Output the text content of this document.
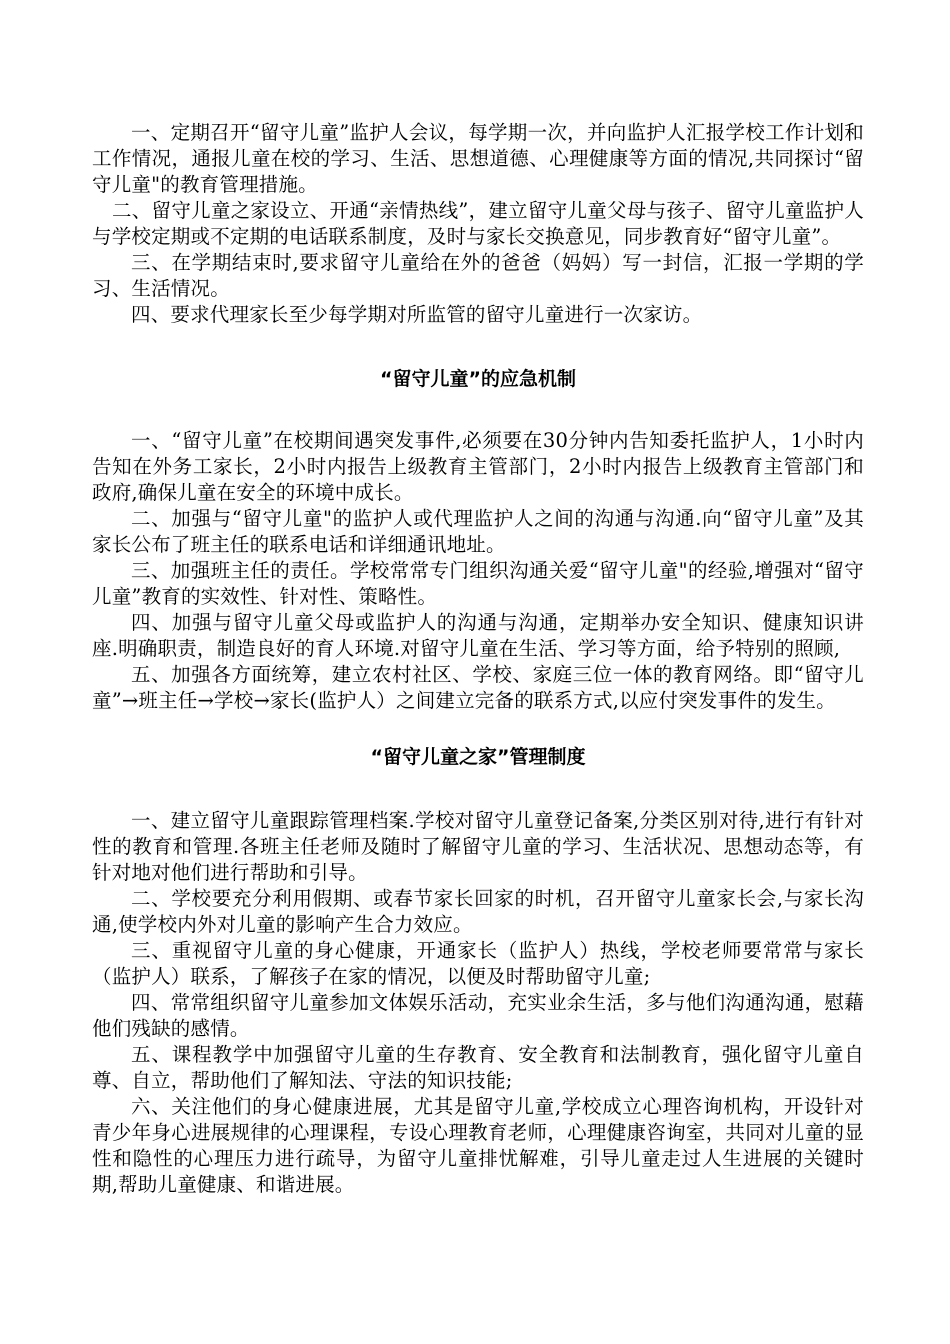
一、定期召开“留守儿童”监护人会议，每学期一次，并向监护人汇报学校工作计划和工作情况，通报儿童在校的学习、生活、思想道德、心理健康等方面的情况,共同探讨“留守儿童"的教育管理措施。

二、留守儿童之家设立、开通“亲情热线”，建立留守儿童父母与孩子、留守儿童监护人与学校定期或不定期的电话联系制度，及时与家长交换意见，同步教育好“留守儿童”。

三、在学期结束时,要求留守儿童给在外的爸爸（妈妈）写一封信，汇报一学期的学习、生活情况。

四、要求代理家长至少每学期对所监管的留守儿童进行一次家访。

“留守儿童”的应急机制

一、“留守儿童”在校期间遇突发事件,必须要在30分钟内告知委托监护人，1小时内告知在外务工家长，2小时内报告上级教育主管部门，2小时内报告上级教育主管部门和政府,确保儿童在安全的环境中成长。

二、加强与“留守儿童"的监护人或代理监护人之间的沟通与沟通.向“留守儿童”及其家长公布了班主任的联系电话和详细通讯地址。

三、加强班主任的责任。学校常常专门组织沟通关爱“留守儿童"的经验,增强对“留守儿童”教育的实效性、针对性、策略性。

四、加强与留守儿童父母或监护人的沟通与沟通，定期举办安全知识、健康知识讲座.明确职责，制造良好的育人环境.对留守儿童在生活、学习等方面，给予特别的照顾,

五、加强各方面统筹，建立农村社区、学校、家庭三位一体的教育网络。即“留守儿童”→班主任→学校→家长(监护人）之间建立完备的联系方式,以应付突发事件的发生。

“留守儿童之家”管理制度

一、建立留守儿童跟踪管理档案.学校对留守儿童登记备案,分类区别对待,进行有针对性的教育和管理.各班主任老师及随时了解留守儿童的学习、生活状况、思想动态等，有针对地对他们进行帮助和引导。

二、学校要充分利用假期、或春节家长回家的时机，召开留守儿童家长会,与家长沟通,使学校内外对儿童的影响产生合力效应。

三、重视留守儿童的身心健康，开通家长（监护人）热线，学校老师要常常与家长（监护人）联系，了解孩子在家的情况，以便及时帮助留守儿童;

四、常常组织留守儿童参加文体娱乐活动，充实业余生活，多与他们沟通沟通，慰藉他们残缺的感情。

五、课程教学中加强留守儿童的生存教育、安全教育和法制教育，强化留守儿童自尊、自立，帮助他们了解知法、守法的知识技能;

六、关注他们的身心健康进展，尤其是留守儿童,学校成立心理咨询机构，开设针对青少年身心进展规律的心理课程，专设心理教育老师，心理健康咨询室，共同对儿童的显性和隐性的心理压力进行疏导，为留守儿童排忧解难，引导儿童走过人生进展的关键时期,帮助儿童健康、和谐进展。
